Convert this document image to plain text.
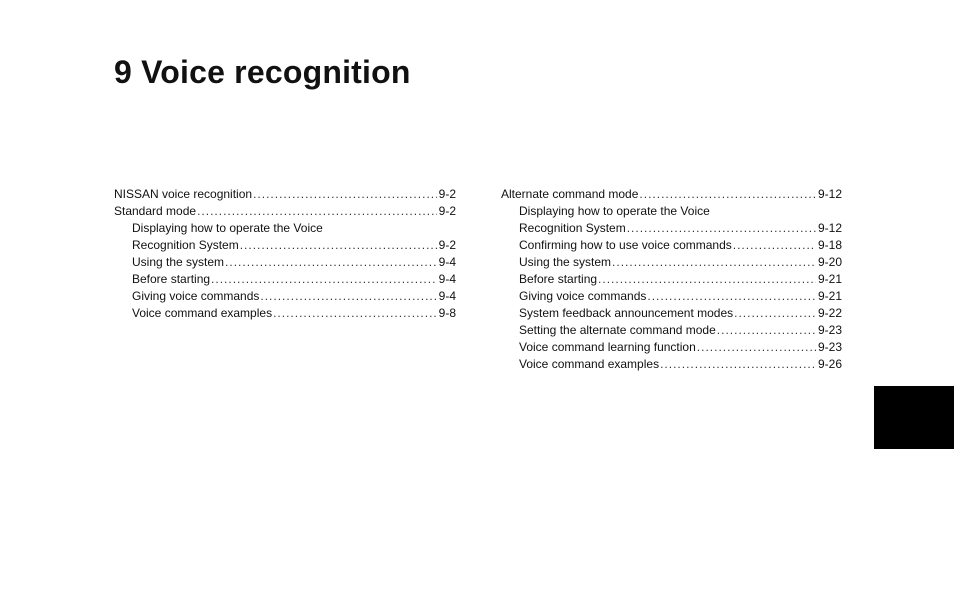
9 Voice recognition
NISSAN voice recognition .....	9-2
Standard mode .....	9-2
Displaying how to operate the Voice
Recognition System .....	9-2
Using the system .....	9-4
Before starting .....	9-4
Giving voice commands .....	9-4
Voice command examples .....	9-8
Alternate command mode .....	9-12
Displaying how to operate the Voice
Recognition System .....	9-12
Confirming how to use voice commands .....	9-18
Using the system .....	9-20
Before starting .....	9-21
Giving voice commands .....	9-21
System feedback announcement modes .....	9-22
Setting the alternate command mode .....	9-23
Voice command learning function .....	9-23
Voice command examples .....	9-26
